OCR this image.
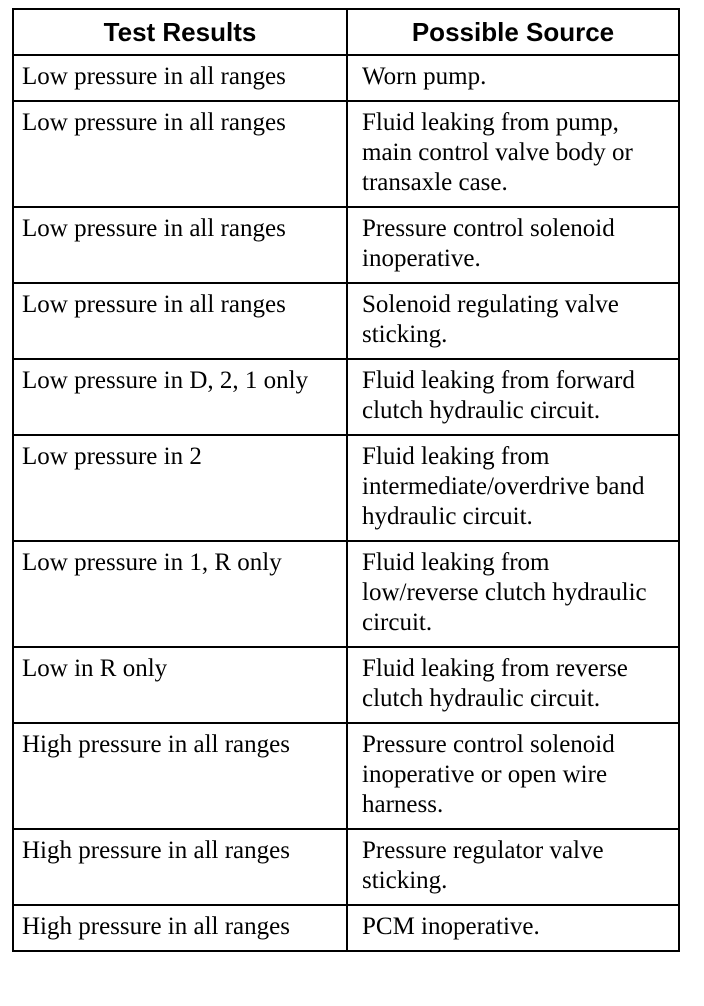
Test Results	Possible Source
Low pressure in all ranges	Worn pump.
Low pressure in all ranges	Fluid leaking from pump, main control valve body or transaxle case.
Low pressure in all ranges	Pressure control solenoid inoperative.
Low pressure in all ranges	Solenoid regulating valve sticking.
Low pressure in D, 2, 1 only	Fluid leaking from forward clutch hydraulic circuit.
Low pressure in 2	Fluid leaking from intermediate/overdrive band hydraulic circuit.
Low pressure in 1, R only	Fluid leaking from low/reverse clutch hydraulic circuit.
Low in R only	Fluid leaking from reverse clutch hydraulic circuit.
High pressure in all ranges	Pressure control solenoid inoperative or open wire harness.
High pressure in all ranges	Pressure regulator valve sticking.
High pressure in all ranges	PCM inoperative.
